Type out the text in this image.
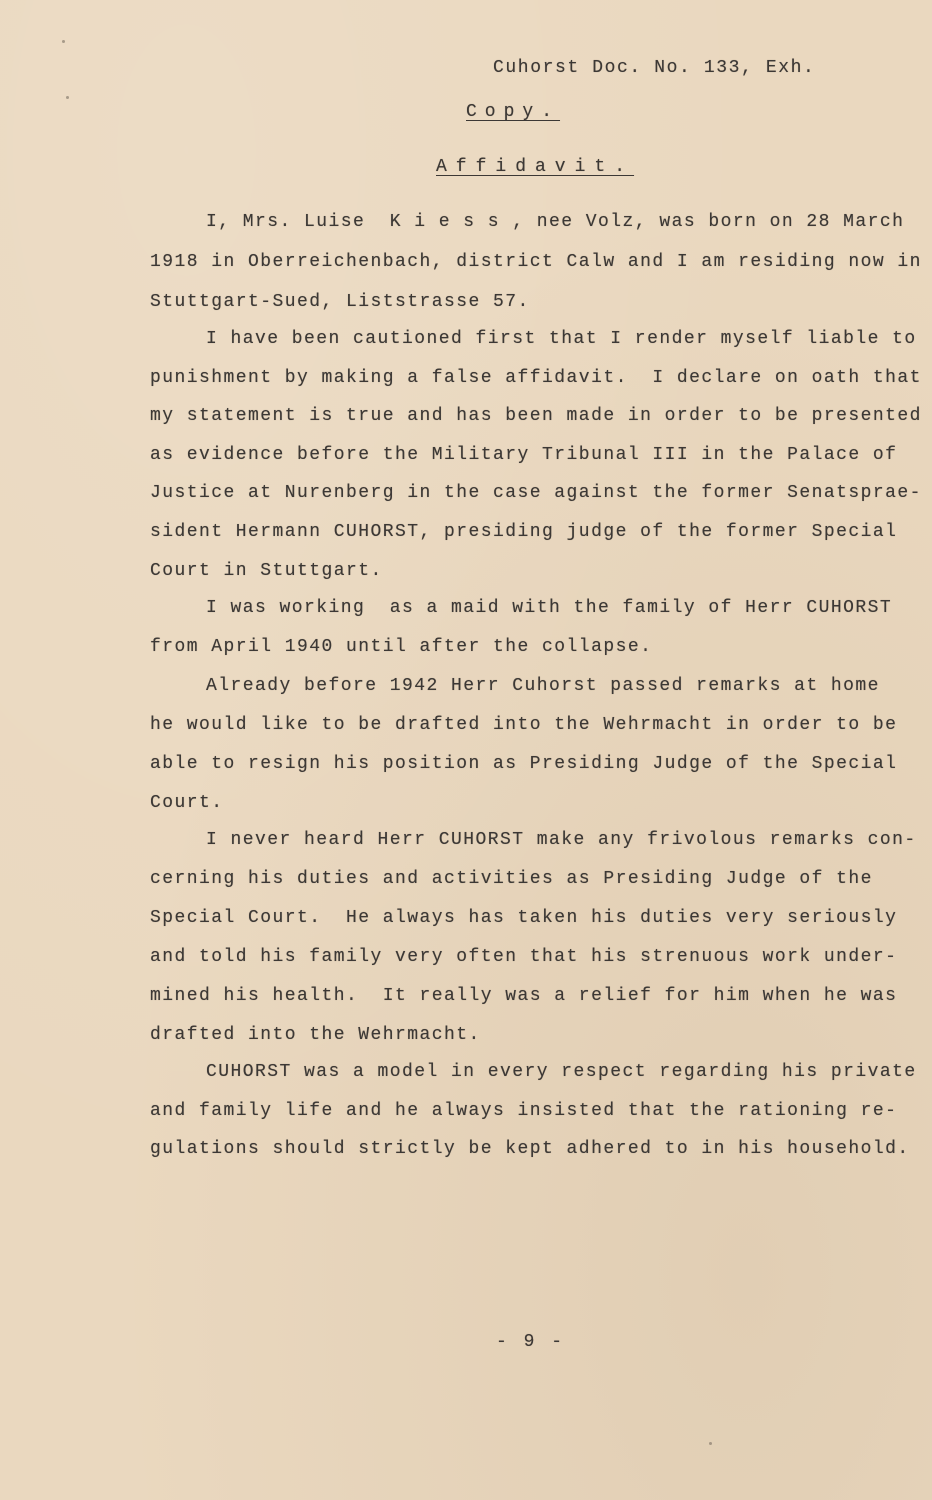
Cuhorst Doc. No. 133, Exh.
Copy.
Affidavit.
I, Mrs. Luise  K i e s s , nee Volz, was born on 28 March
1918 in Oberreichenbach, district Calw and I am residing now in
Stuttgart-Sued, Liststrasse 57.
I have been cautioned first that I render myself liable to
punishment by making a false affidavit.  I declare on oath that
my statement is true and has been made in order to be presented
as evidence before the Military Tribunal III in the Palace of
Justice at Nurenberg in the case against the former Senatsprae-
sident Hermann CUHORST, presiding judge of the former Special
Court in Stuttgart.
I was working  as a maid with the family of Herr CUHORST
from April 1940 until after the collapse.
Already before 1942 Herr Cuhorst passed remarks at home
he would like to be drafted into the Wehrmacht in order to be
able to resign his position as Presiding Judge of the Special
Court.
I never heard Herr CUHORST make any frivolous remarks con-
cerning his duties and activities as Presiding Judge of the
Special Court.  He always has taken his duties very seriously
and told his family very often that his strenuous work under-
mined his health.  It really was a relief for him when he was
drafted into the Wehrmacht.
CUHORST was a model in every respect regarding his private
and family life and he always insisted that the rationing re-
gulations should strictly be kept adhered to in his household.
- 9 -
